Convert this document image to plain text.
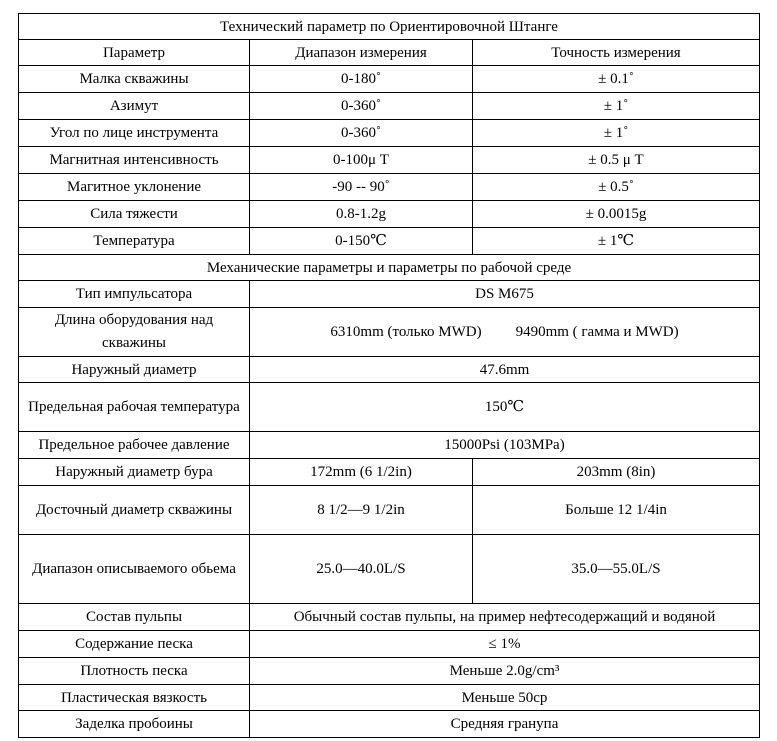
Технический параметр по Ориентировочной Штанге		
Параметр	Диапазон измерения	Точность измерения
Малка скважины	0-180˚	± 0.1˚
Азимут	0-360˚	± 1˚
Угол по лице инструмента	0-360˚	± 1˚
Магнитная интенсивность	0-100μ T	± 0.5 μ T
Магитное уклонение	-90 -- 90˚	± 0.5˚
Сила тяжести	0.8-1.2g	± 0.0015g
Температура	0-150℃	± 1℃
Механические параметры и параметры по рабочой среде		
Тип импульсатора	DS M675	
Длина оборудования над скважины	6310mm (только MWD) 9490mm ( гамма и MWD)	
Наружный диаметр	47.6mm	
Предельная рабочая температура	150℃	
Предельное рабочее давление	15000Psi (103MPa)	
Наружный диаметр бура	172mm (6 1/2in)	203mm (8in)
Досточный диаметр скважины	8 1/2—9 1/2in	Больше 12 1/4in
Диапазон описываемого обьема	25.0—40.0L/S	35.0—55.0L/S
Состав пульпы	Обычный состав пульпы, на пример нефтесодержащий и водяной	
Содержание песка	≤ 1%	
Плотность песка	Меньше 2.0g/cm³	
Пластическая вязкость	Меньше 50cp	
Заделка пробоины	Средняя гранупа	
